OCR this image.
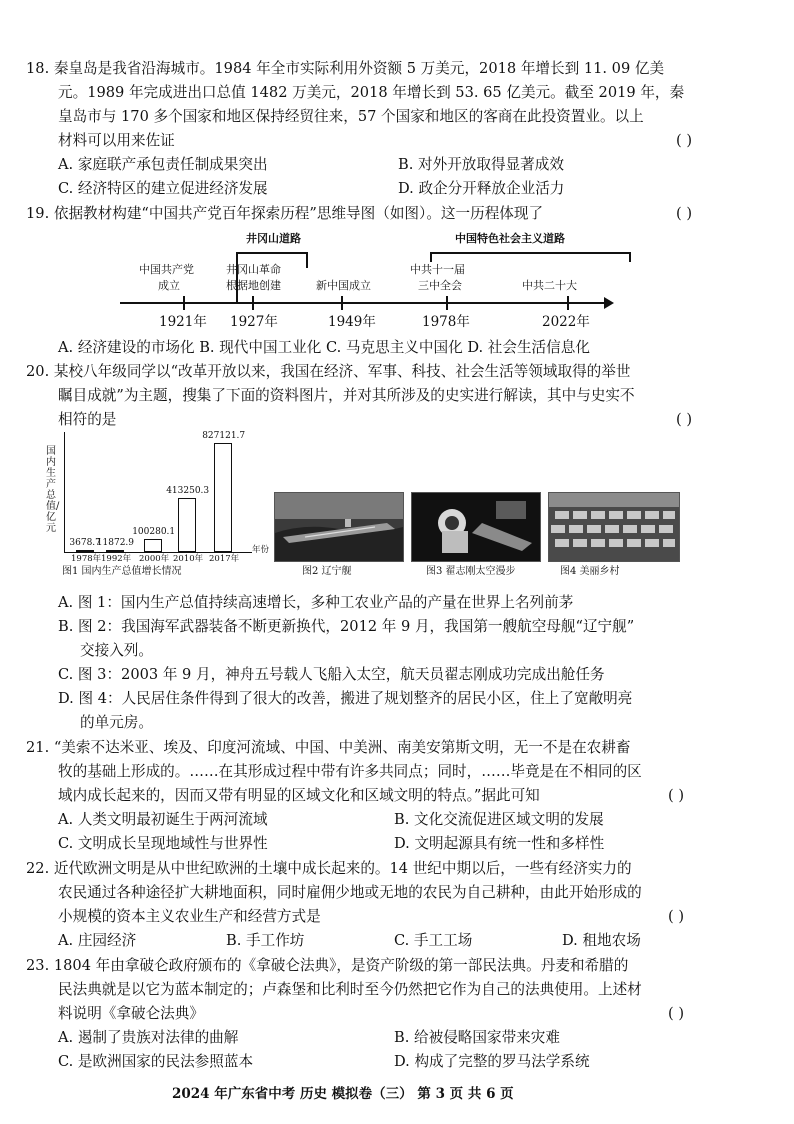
18. 秦皇岛是我省沿海城市。1984 年全市实际利用外资额 5 万美元，2018 年增长到 11. 09 亿美
元。1989 年完成进出口总值 1482 万美元，2018 年增长到 53. 65 亿美元。截至 2019 年，秦
皇岛市与 170 多个国家和地区保持经贸往来，57 个国家和地区的客商在此投资置业。以上
材料可以用来佐证	( )
A. 家庭联产承包责任制成果突出	B. 对外开放取得显著成效
C. 经济特区的建立促进经济发展	D. 政企分开释放企业活力
19. 依据教材构建“中国共产党百年探索历程”思维导图（如图）。这一历程体现了	( )
井冈山道路	中国特色社会主义道路
中国共产党
成立
井冈山革命
根据地创建	新中国成立
中共十一届
三中全会	中共二十大
1921年 1927年	1949年	1978年	2022年
A. 经济建设的市场化 B. 现代中国工业化 C. 马克思主义中国化 D. 社会生活信息化
20. 某校八年级同学以“改革开放以来，我国在经济、军事、科技、社会生活等领域取得的举世
瞩目成就”为主题，搜集了下面的资料图片，并对其所涉及的史实进行解读，其中与史实不
相符的是	( )
国内生产总值/亿元
年份
3678.7
1978年
11872.9
1992年
100280.1
2000年
413250.3
2010年
827121.7
2017年
图1 国内生产总值增长情况	图2 辽宁舰	图3 翟志刚太空漫步	图4 美丽乡村
A. 图 1：国内生产总值持续高速增长，多种工农业产品的产量在世界上名列前茅
B. 图 2：我国海军武器装备不断更新换代，2012 年 9 月，我国第一艘航空母舰“辽宁舰”
交接入列。
C. 图 3：2003 年 9 月，神舟五号载人飞船入太空，航天员翟志刚成功完成出舱任务
D. 图 4：人民居住条件得到了很大的改善，搬进了规划整齐的居民小区，住上了宽敞明亮
的单元房。
21. “美索不达米亚、埃及、印度河流域、中国、中美洲、南美安第斯文明，无一不是在农耕畜
牧的基础上形成的。……在其形成过程中带有许多共同点；同时，……毕竟是在不相同的区
域内成长起来的，因而又带有明显的区域文化和区域文明的特点。”据此可知	( )
A. 人类文明最初诞生于两河流域	B. 文化交流促进区域文明的发展
C. 文明成长呈现地域性与世界性	D. 文明起源具有统一性和多样性
22. 近代欧洲文明是从中世纪欧洲的土壤中成长起来的。14 世纪中期以后，一些有经济实力的
农民通过各种途径扩大耕地面积，同时雇佣少地或无地的农民为自己耕种，由此开始形成的
小规模的资本主义农业生产和经营方式是	( )
A. 庄园经济	B. 手工作坊	C. 手工工场	D. 租地农场
23. 1804 年由拿破仑政府颁布的《拿破仑法典》，是资产阶级的第一部民法典。丹麦和希腊的
民法典就是以它为蓝本制定的；卢森堡和比利时至今仍然把它作为自己的法典使用。上述材
料说明《拿破仑法典》	( )
A. 遏制了贵族对法律的曲解	B. 给被侵略国家带来灾难
C. 是欧洲国家的民法参照蓝本	D. 构成了完整的罗马法学系统
2024 年广东省中考 历史 模拟卷（三） 第 3 页 共 6 页
